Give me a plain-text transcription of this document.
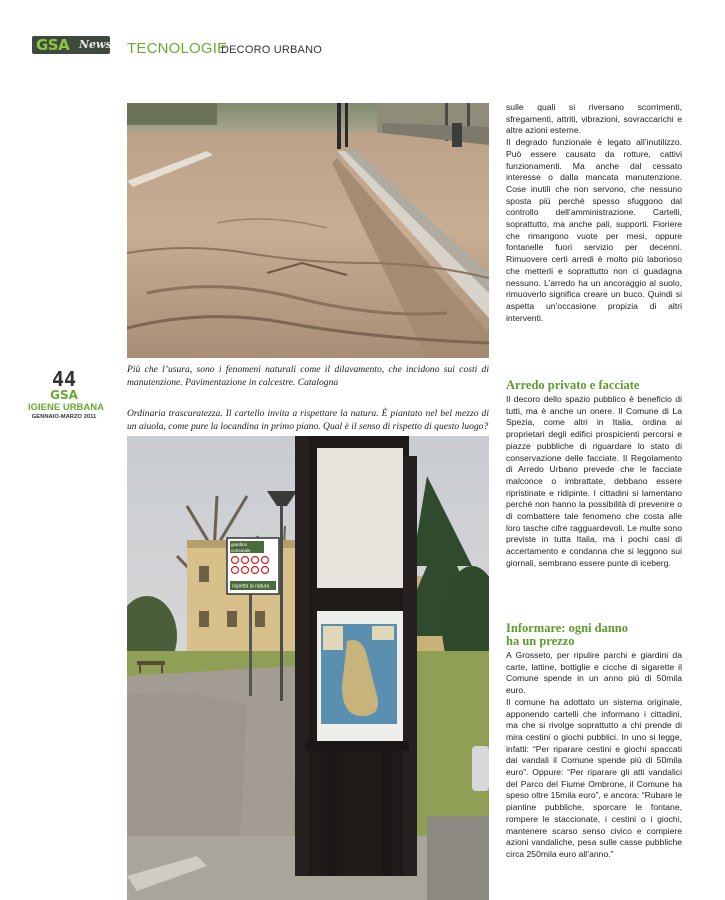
GSA News TECNOLOGIE
DECORO URBANO
44
GSA
IGIENE URBANA
GENNAIO-MARZO 2011
Più che l’usura, sono i fenomeni naturali come il dilavamento, che incidono sui costi di manutenzione. Pavimentazione in calcestre. Catalogna
Ordinaria trascuratezza. Il cartello invita a rispettare la natura. È piantato nel bel mezzo di un aiuola, come pure la locandina in primo piano. Qual è il senso di rispetto di questo luogo?
giardino
comunale
rispetta la natura

sulle quali si riversano scorrimenti, sfregamenti, attriti, vibrazioni, sovraccarichi e altre azioni esterne.

Il degrado funzionale è legato all’inutilizzo. Può essere causato da rotture, cattivi funzionamenti. Ma anche dal cessato interesse o dalla mancata manutenzione. Cose inutili che non servono, che nessuno sposta più perché spesso sfuggono dal controllo dell’amministrazione. Cartelli, soprattutto, ma anche pali, supporti. Fioriere che rimangono vuote per mesi, oppure fontanelle fuori servizio per decenni. Rimuovere certi arredi è molto più laborioso che metterli e soprattutto non ci guadagna nessuno. L’arredo ha un ancoraggio al suolo, rimuoverlo significa creare un buco. Quindi si aspetta un’occasione propizia di altri interventi.

Arredo privato e facciate

Il decoro dello spazio pubblico è beneficio di tutti, ma è anche un onere. Il Comune di La Spezia, come altri in Italia, ordina ai proprietari degli edifici prospicienti percorsi e piazze pubbliche di riguardare lo stato di conservazione delle facciate. Il Regolamento di Arredo Urbano prevede che le facciate malconce o imbrattate, debbano essere ripristinate e ridipinte. I cittadini si lamentano perché non hanno la possibilità di prevenire o di combattere tale fenomeno che costa alle loro tasche cifre ragguardevoli. Le multe sono previste in tutta Italia, ma i pochi casi di accertamento e condanna che si leggono sui giornali, sembrano essere punte di iceberg.

Informare: ogni danno
ha un prezzo

A Grosseto, per ripulire parchi e giardini da carte, lattine, bottiglie e cicche di sigarette il Comune spende in un anno più di 50mila euro.

Il comune ha adottato un sistema originale, apponendo cartelli che informano i cittadini, ma che si rivolge soprattutto a chi prende di mira cestini o giochi pubblici. In uno si legge, infatti: “Per riparare cestini e giochi spaccati dai vandali il Comune spende più di 50mila euro”. Oppure: “Per riparare gli atti vandalici del Parco del Fiume Ombrone, il Comune ha speso oltre 15mila euro”, e ancora: “Rubare le piantine pubbliche, sporcare le fontane, rompere le staccionate, i cestini o i giochi, mantenere scarso senso civico e compiere azioni vandaliche, pesa sulle casse pubbliche circa 250mila euro all’anno.”
